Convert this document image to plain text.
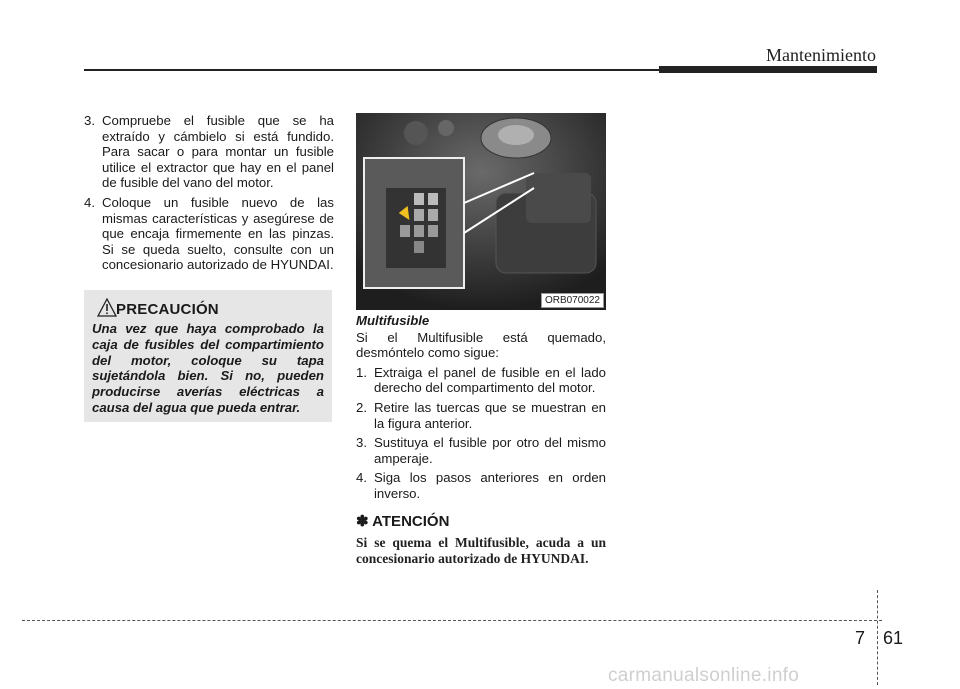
Mantenimiento
3. Compruebe el fusible que se ha extraído y cámbielo si está fundido. Para sacar o para montar un fusible utilice el extractor que hay en el panel de fusible del vano del motor.
4. Coloque un fusible nuevo de las mismas características y asegúrese de que encaja firmemente en las pinzas. Si se queda suelto, consulte con un concesionario autorizado de HYUNDAI.
PRECAUCIÓN
Una vez que haya comprobado la caja de fusibles del compartimiento del motor, coloque su tapa sujetándola bien. Si no, pueden producirse averías eléctricas a causa del agua que pueda entrar.
ORB070022
Multifusible
Si el Multifusible está quemado, desmóntelo como sigue:
1. Extraiga el panel de fusible en el lado derecho del compartimento del motor.
2. Retire las tuercas que se muestran en la figura anterior.
3. Sustituya el fusible por otro del mismo amperaje.
4. Siga los pasos anteriores en orden inverso.
✽ ATENCIÓN
Si se quema el Multifusible, acuda a un concesionario autorizado de HYUNDAI.
7 61
carmanualsonline.info
